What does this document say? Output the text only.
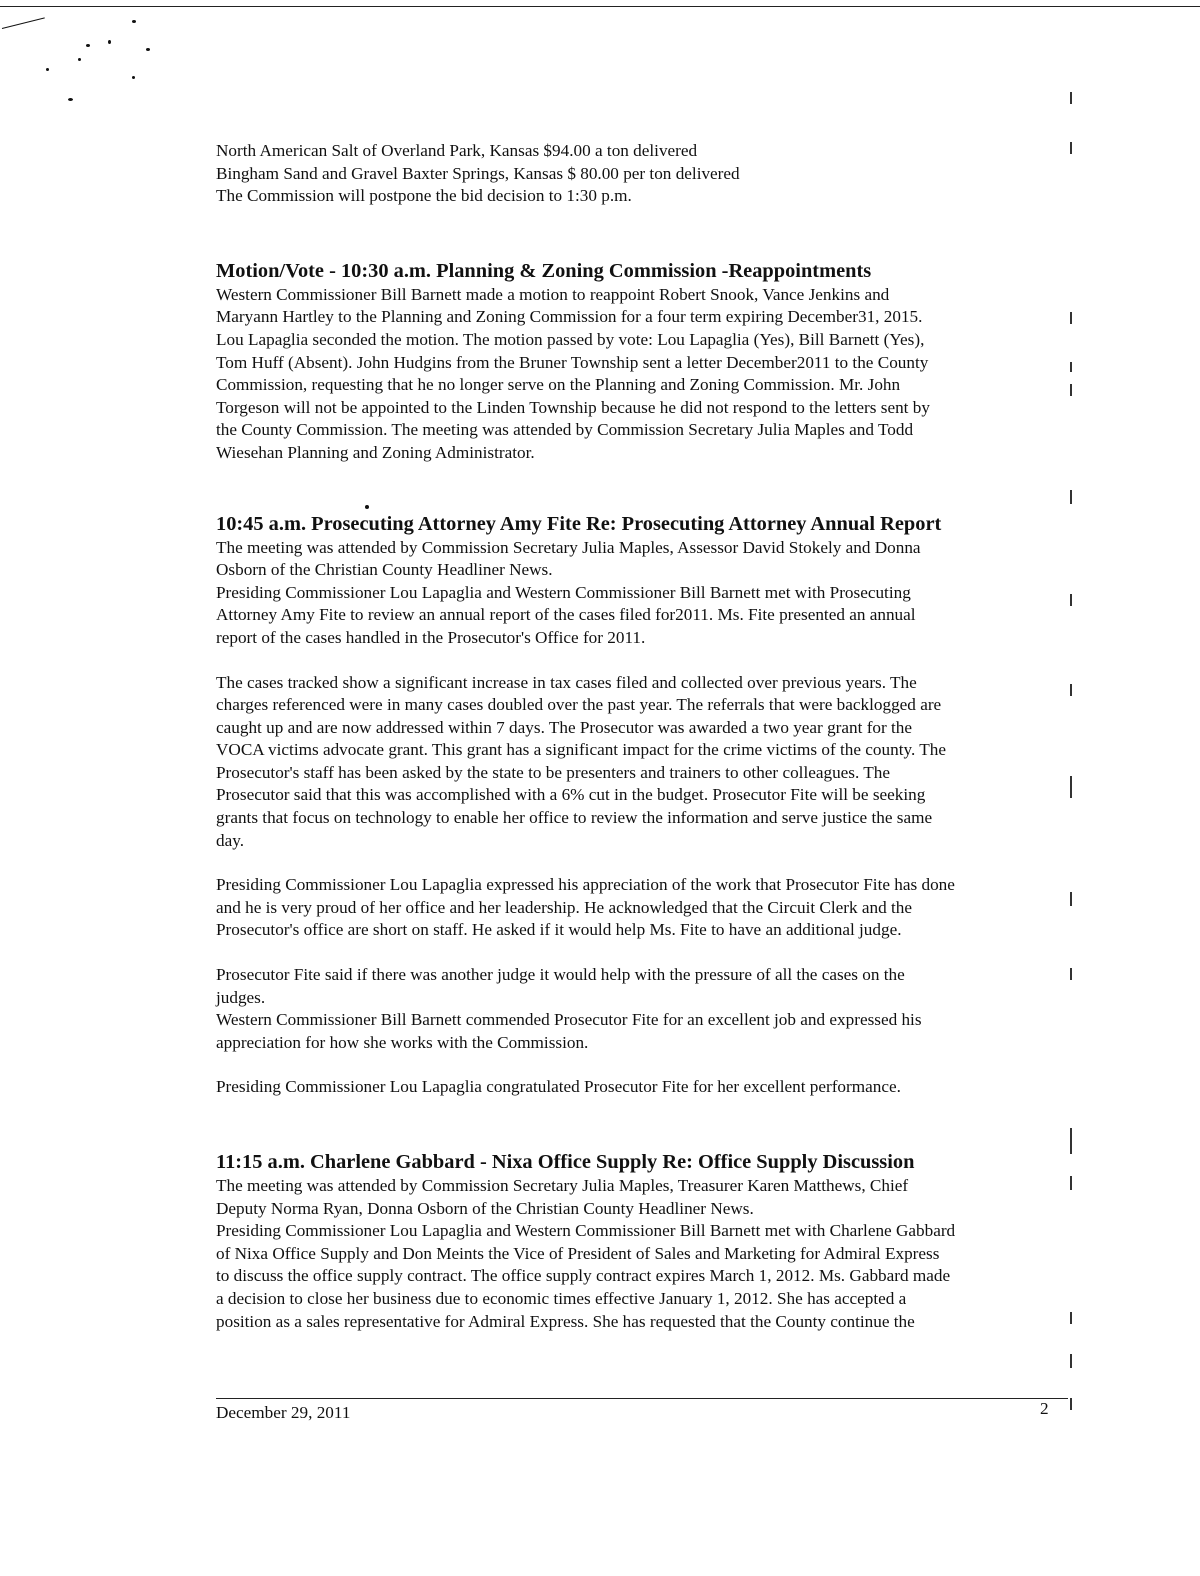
North American Salt of Overland Park, Kansas $94.00 a ton delivered

Bingham Sand and Gravel Baxter Springs, Kansas $ 80.00 per ton delivered

The Commission will postpone the bid decision to 1:30 p.m.

Motion/Vote - 10:30 a.m. Planning & Zoning Commission -Reappointments

Western Commissioner Bill Barnett made a motion to reappoint Robert Snook, Vance Jenkins and

Maryann Hartley to the Planning and Zoning Commission for a four term expiring December31, 2015.

Lou Lapaglia seconded the motion. The motion passed by vote: Lou Lapaglia (Yes), Bill Barnett (Yes),

Tom Huff (Absent). John Hudgins from the Bruner Township sent a letter December2011 to the County

Commission, requesting that he no longer serve on the Planning and Zoning Commission. Mr. John

Torgeson will not be appointed to the Linden Township because he did not respond to the letters sent by

the County Commission. The meeting was attended by Commission Secretary Julia Maples and Todd

Wiesehan Planning and Zoning Administrator.

10:45 a.m. Prosecuting Attorney Amy Fite Re: Prosecuting Attorney Annual Report

The meeting was attended by Commission Secretary Julia Maples, Assessor David Stokely and Donna

Osborn of the Christian County Headliner News.

Presiding Commissioner Lou Lapaglia and Western Commissioner Bill Barnett met with Prosecuting

Attorney Amy Fite to review an annual report of the cases filed for2011. Ms. Fite presented an annual

report of the cases handled in the Prosecutor's Office for 2011.

The cases tracked show a significant increase in tax cases filed and collected over previous years. The

charges referenced were in many cases doubled over the past year. The referrals that were backlogged are

caught up and are now addressed within 7 days. The Prosecutor was awarded a two year grant for the

VOCA victims advocate grant. This grant has a significant impact for the crime victims of the county. The

Prosecutor's staff has been asked by the state to be presenters and trainers to other colleagues. The

Prosecutor said that this was accomplished with a 6% cut in the budget. Prosecutor Fite will be seeking

grants that focus on technology to enable her office to review the information and serve justice the same

day.

Presiding Commissioner Lou Lapaglia expressed his appreciation of the work that Prosecutor Fite has done

and he is very proud of her office and her leadership. He acknowledged that the Circuit Clerk and the

Prosecutor's office are short on staff. He asked if it would help Ms. Fite to have an additional judge.

Prosecutor Fite said if there was another judge it would help with the pressure of all the cases on the

judges.

Western Commissioner Bill Barnett commended Prosecutor Fite for an excellent job and expressed his

appreciation for how she works with the Commission.

Presiding Commissioner Lou Lapaglia congratulated Prosecutor Fite for her excellent performance.

11:15 a.m. Charlene Gabbard - Nixa Office Supply Re: Office Supply Discussion

The meeting was attended by Commission Secretary Julia Maples, Treasurer Karen Matthews, Chief

Deputy Norma Ryan, Donna Osborn of the Christian County Headliner News.

Presiding Commissioner Lou Lapaglia and Western Commissioner Bill Barnett met with Charlene Gabbard

of Nixa Office Supply and Don Meints the Vice of President of Sales and Marketing for Admiral Express

to discuss the office supply contract. The office supply contract expires March 1, 2012. Ms. Gabbard made

a decision to close her business due to economic times effective January 1, 2012. She has accepted a

position as a sales representative for Admiral Express. She has requested that the County continue the

December 29, 2011	2
